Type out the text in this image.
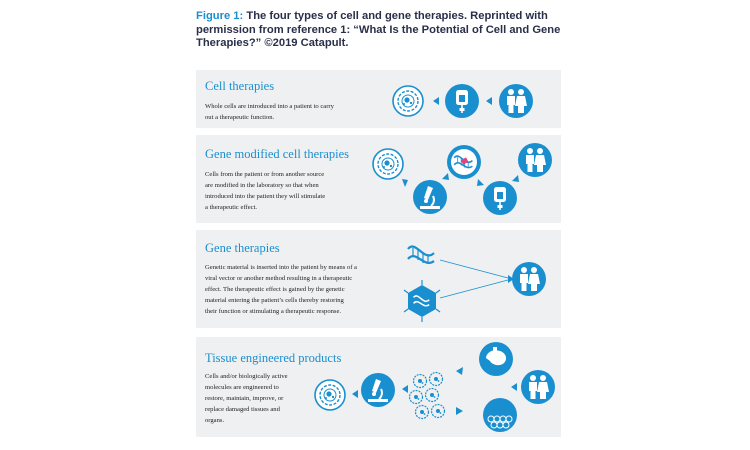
Figure 1: The four types of cell and gene therapies. Reprinted with permission from reference 1: “What Is the Potential of Cell and Gene Therapies?” ©2019 Catapult.
Cell therapies
Whole cells are introduced into a patient to carry
out a therapeutic function.
Gene modified cell therapies
Cells from the patient or from another source
are modified in the laboratory so that when
introduced into the patient they will stimulate
a therapeutic effect.
Gene therapies
Genetic material is inserted into the patient by means of a
viral vector or another method resulting in a therapeutic
effect. The therapeutic effect is gained by the genetic
material entering the patient’s cells thereby restoring
their function or stimulating a therapeutic response.
Tissue engineered products
Cells and/or biologically active
molecules are engineered to
restore, maintain, improve, or
replace damaged tissues and
organs.
